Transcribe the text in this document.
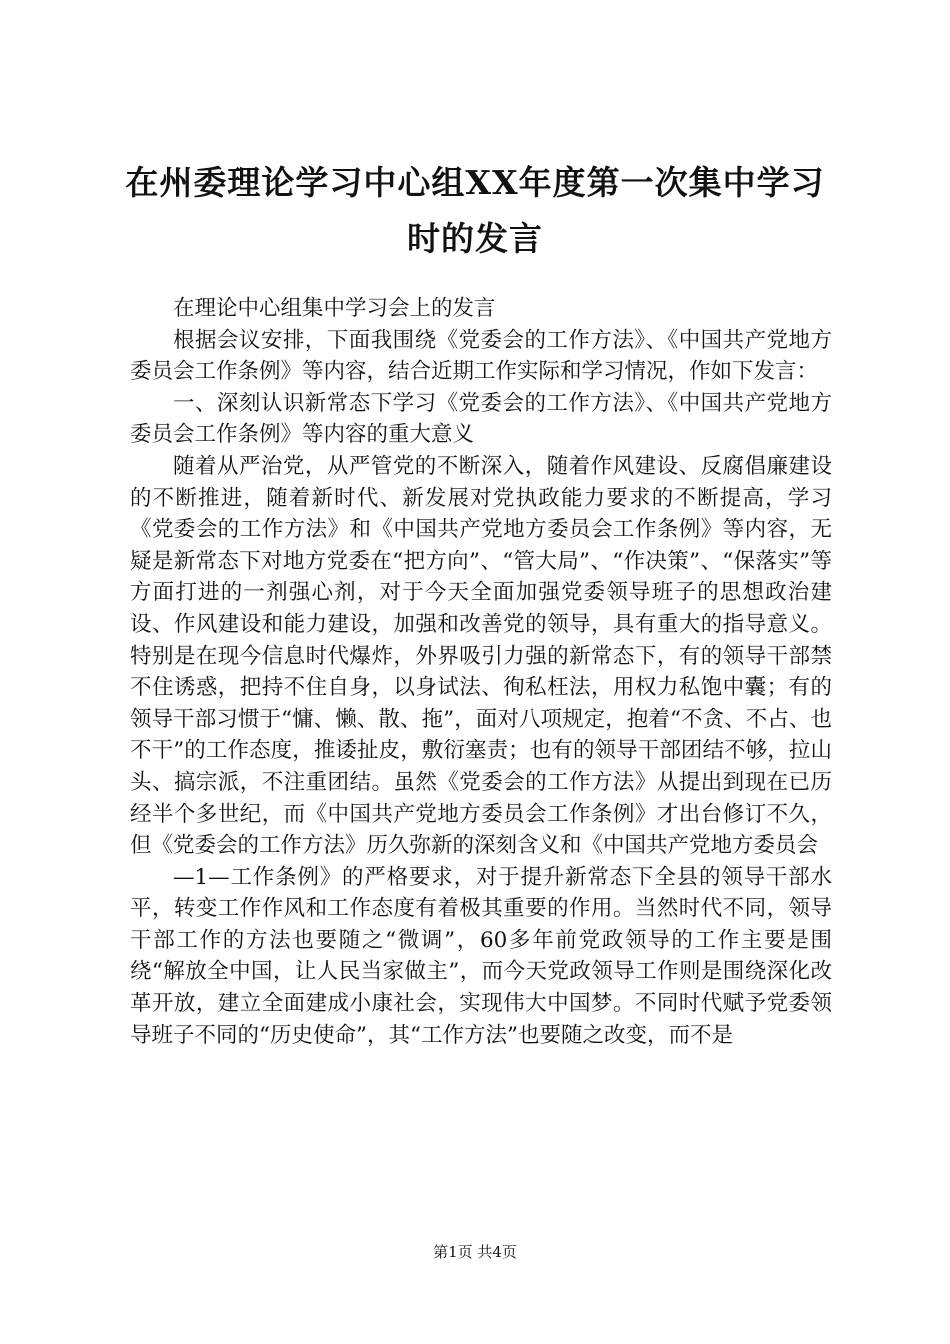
在州委理论学习中心组XX年度第一次集中学习时的发言

在理论中心组集中学习会上的发言

根据会议安排，下面我围绕《党委会的工作方法》、《中国共产党地方委员会工作条例》等内容，结合近期工作实际和学习情况，作如下发言：

一、深刻认识新常态下学习《党委会的工作方法》、《中国共产党地方委员会工作条例》等内容的重大意义

随着从严治党，从严管党的不断深入，随着作风建设、反腐倡廉建设的不断推进，随着新时代、新发展对党执政能力要求的不断提高，学习《党委会的工作方法》和《中国共产党地方委员会工作条例》等内容，无疑是新常态下对地方党委在“把方向”、“管大局”、“作决策”、“保落实”等方面打进的一剂强心剂，对于今天全面加强党委领导班子的思想政治建设、作风建设和能力建设，加强和改善党的领导，具有重大的指导意义。特别是在现今信息时代爆炸，外界吸引力强的新常态下，有的领导干部禁不住诱惑，把持不住自身，以身试法、徇私枉法，用权力私饱中囊；有的领导干部习惯于“慵、懒、散、拖”，面对八项规定，抱着“不贪、不占、也不干”的工作态度，推诿扯皮，敷衍塞责；也有的领导干部团结不够，拉山头、搞宗派，不注重团结。虽然《党委会的工作方法》从提出到现在已历经半个多世纪，而《中国共产党地方委员会工作条例》才出台修订不久，但《党委会的工作方法》历久弥新的深刻含义和《中国共产党地方委员会

—1—工作条例》的严格要求，对于提升新常态下全县的领导干部水平，转变工作作风和工作态度有着极其重要的作用。当然时代不同，领导干部工作的方法也要随之“微调”，60多年前党政领导的工作主要是围绕“解放全中国，让人民当家做主”，而今天党政领导工作则是围绕深化改革开放，建立全面建成小康社会，实现伟大中国梦。不同时代赋予党委领导班子不同的“历史使命”，其“工作方法”也要随之改变，而不是

第1页 共4页
